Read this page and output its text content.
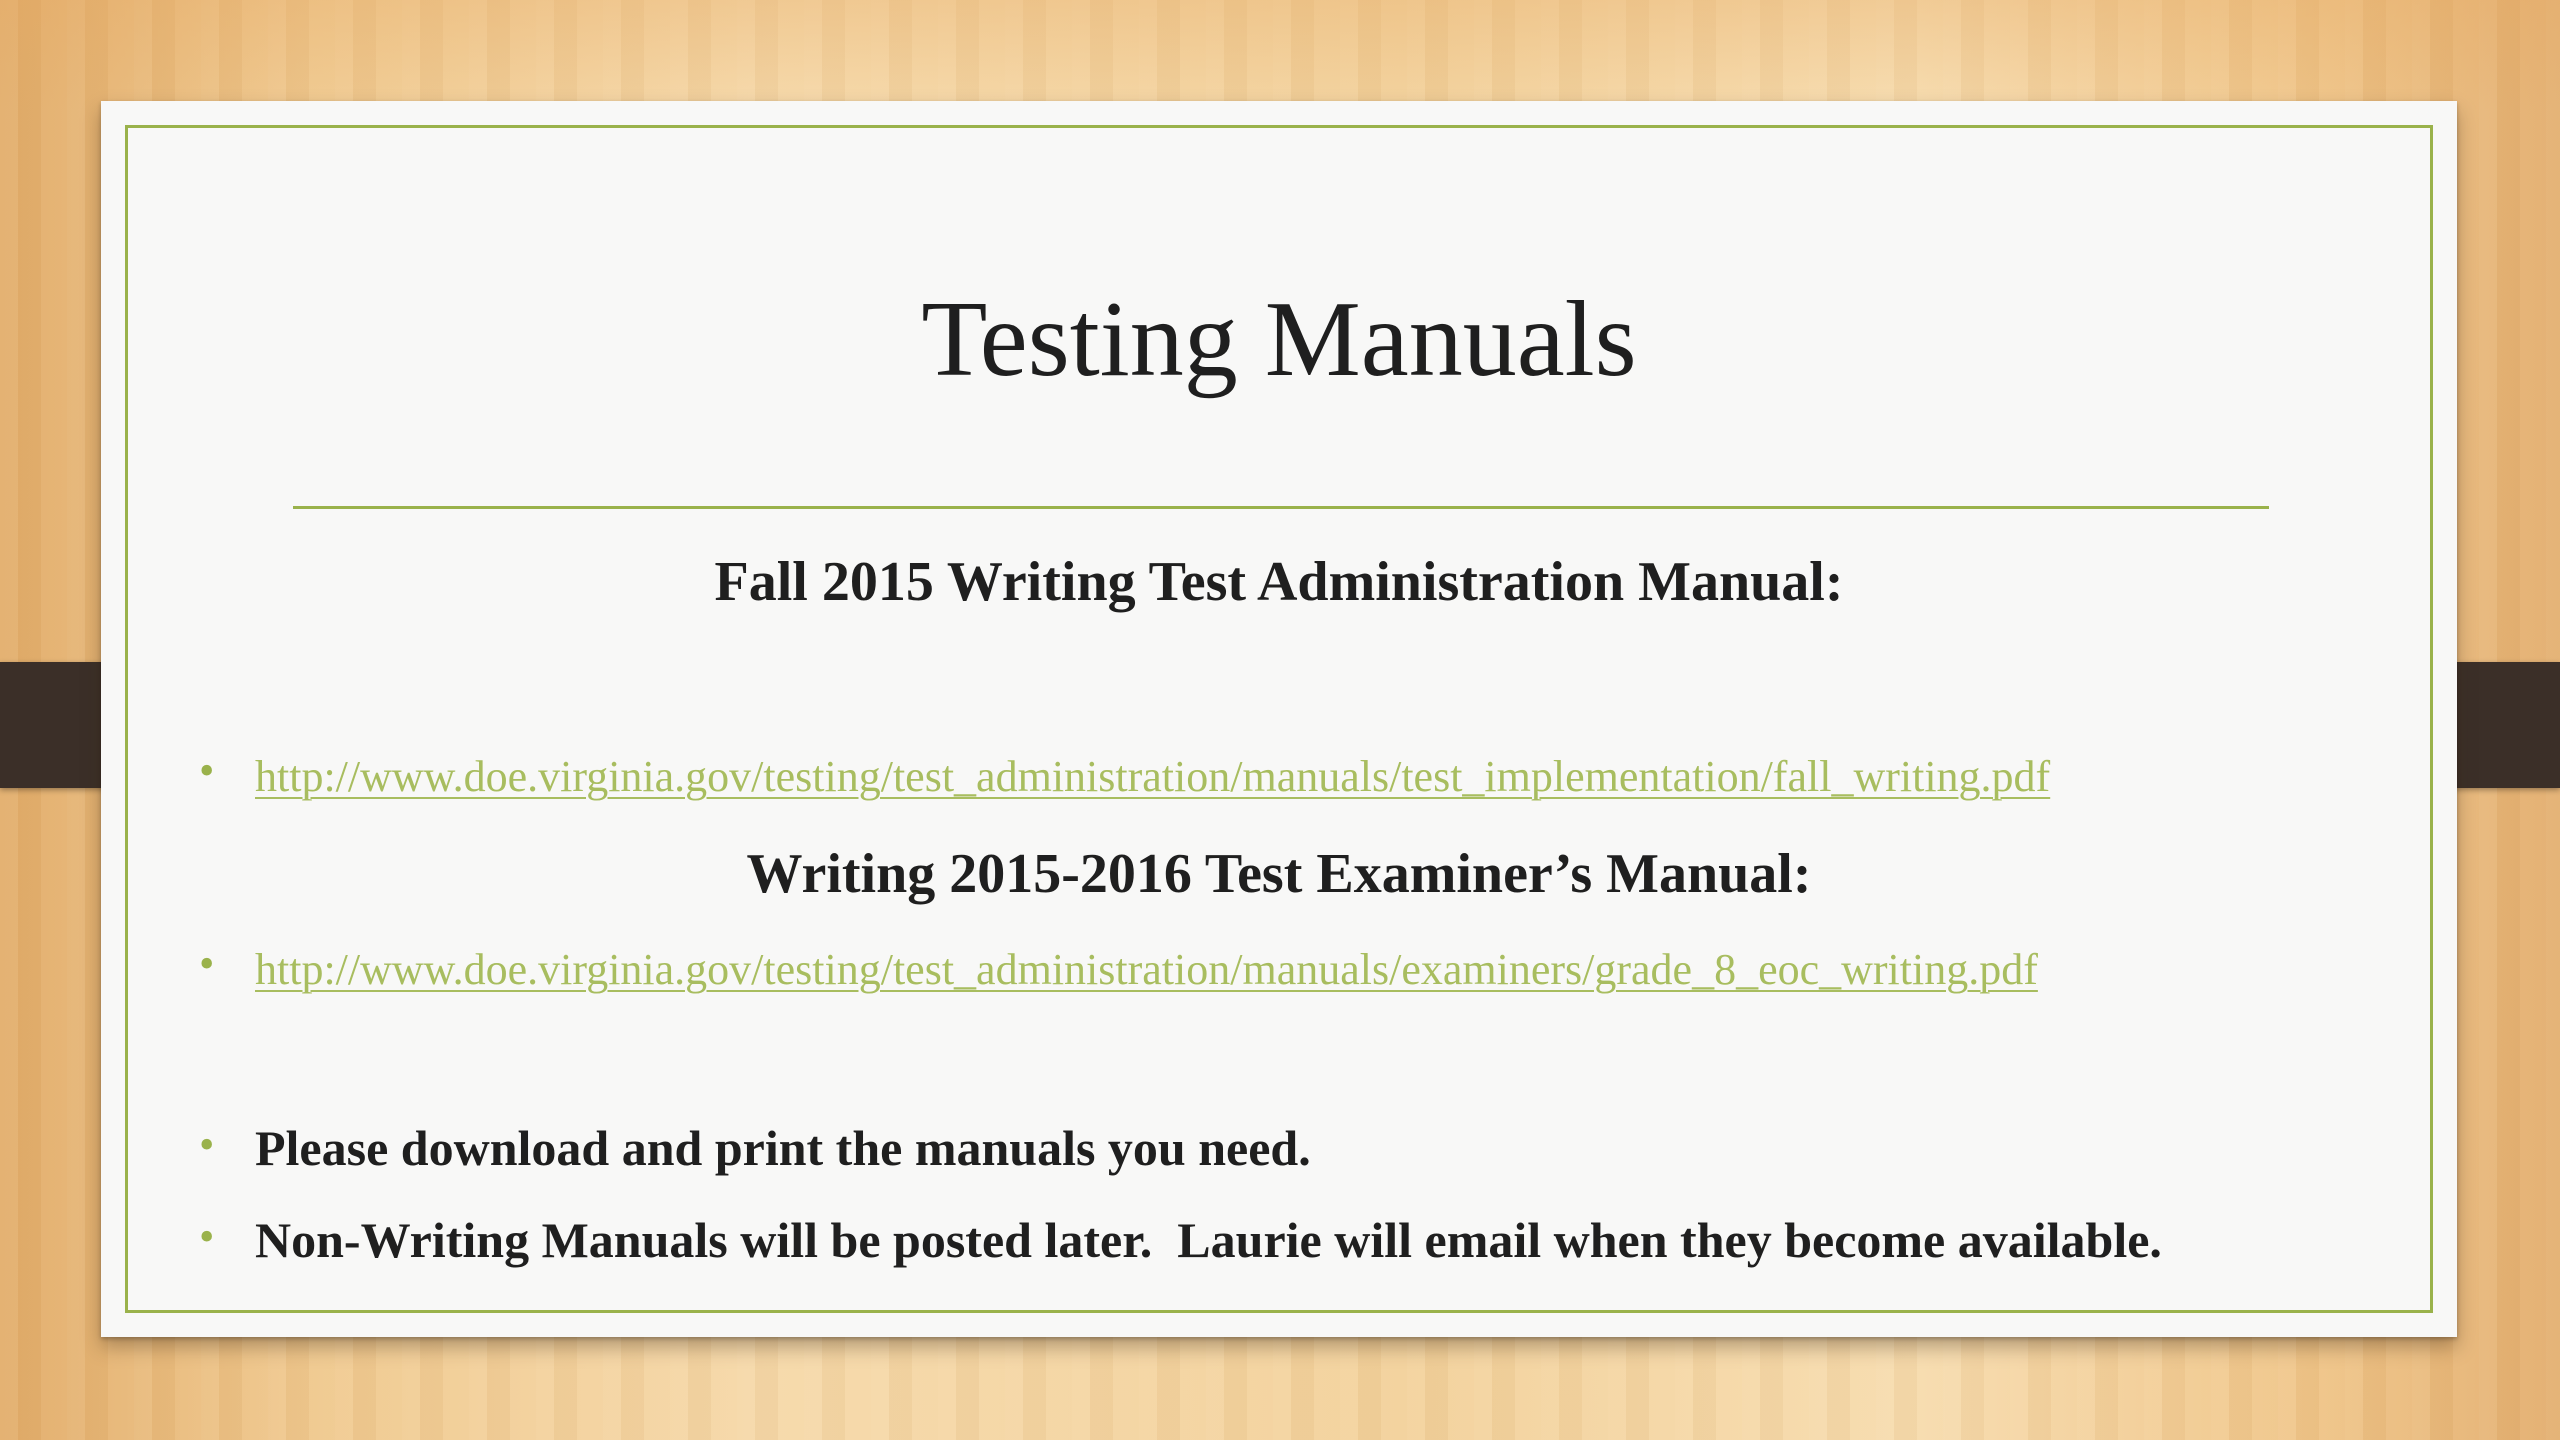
Testing Manuals
Fall 2015 Writing Test Administration Manual:
• http://www.doe.virginia.gov/testing/test_administration/manuals/test_implementation/fall_writing.pdf
Writing 2015-2016 Test Examiner’s Manual:
• http://www.doe.virginia.gov/testing/test_administration/manuals/examiners/grade_8_eoc_writing.pdf
• Please download and print the manuals you need.
• Non-Writing Manuals will be posted later.  Laurie will email when they become available.
